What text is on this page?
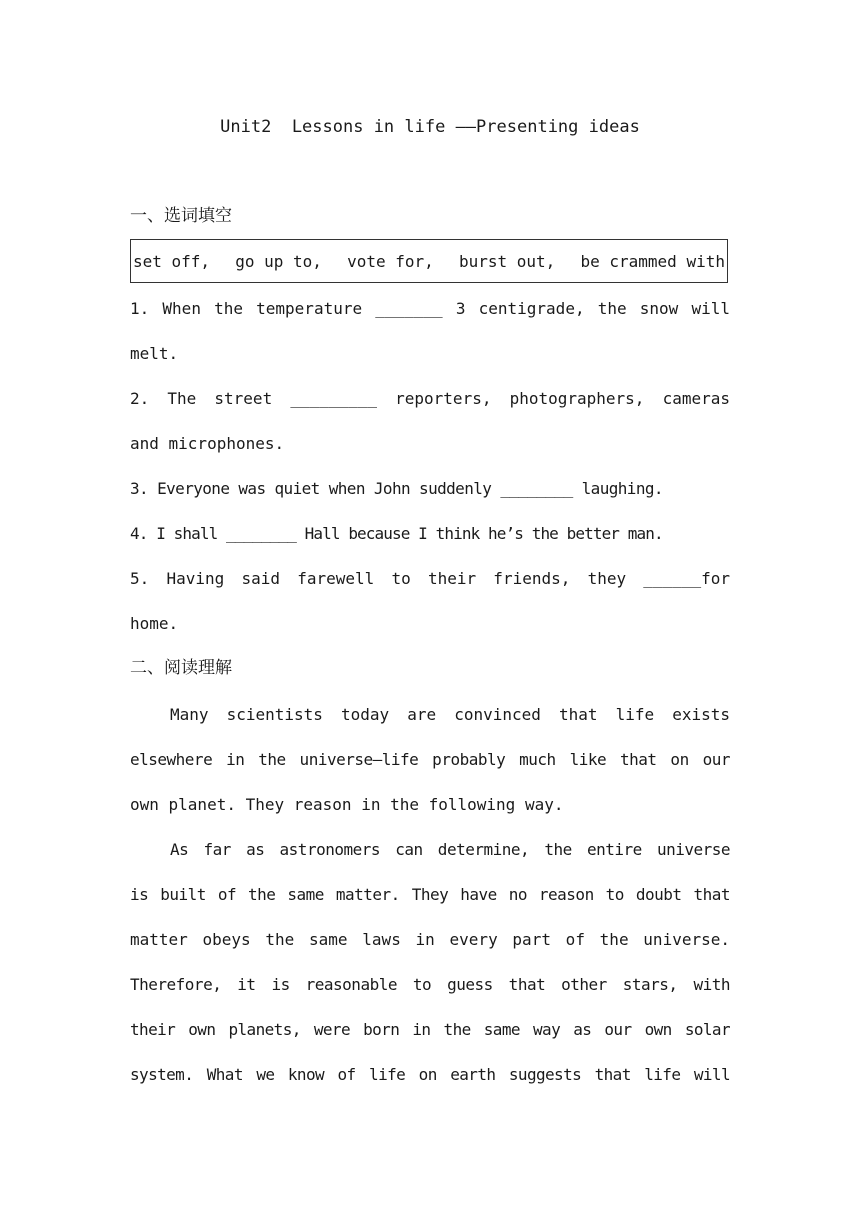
Unit2  Lessons in life ——Presenting ideas
一、选词填空
set off, go up to, vote for, burst out, be crammed with
1. When the temperature _______ 3 centigrade, the snow will
melt.
2. The street _________ reporters, photographers, cameras
and microphones.
3. Everyone was quiet when John suddenly ________ laughing.
4. I shall ________ Hall because I think he’s the better man.
5. Having said farewell to their friends, they ______for
home.
二、阅读理解
Many scientists today are convinced that life exists
elsewhere in the universe—life probably much like that on our
own planet. They reason in the following way.
As far as astronomers can determine, the entire universe
is built of the same matter. They have no reason to doubt that
matter obeys the same laws in every part of the universe.
Therefore, it is reasonable to guess that other stars, with
their own planets, were born in the same way as our own solar
system. What we know of life on earth suggests that life will
